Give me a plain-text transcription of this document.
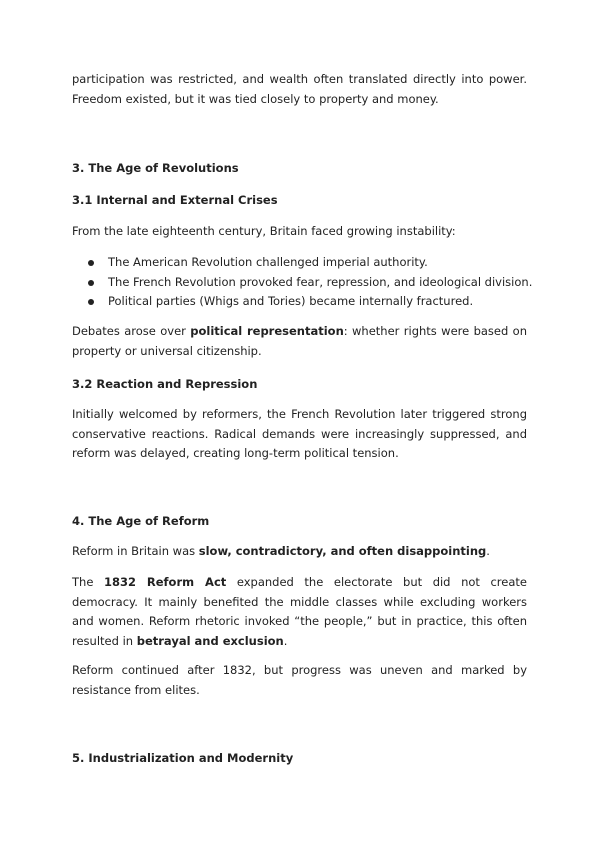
participation was restricted, and wealth often translated directly into power. Freedom existed, but it was tied closely to property and money.

3. The Age of Revolutions
3.1 Internal and External Crises

From the late eighteenth century, Britain faced growing instability:

The American Revolution challenged imperial authority.

The French Revolution provoked fear, repression, and ideological division.

Political parties (Whigs and Tories) became internally fractured.

Debates arose over political representation: whether rights were based on property or universal citizenship.

3.2 Reaction and Repression

Initially welcomed by reformers, the French Revolution later triggered strong conservative reactions. Radical demands were increasingly suppressed, and reform was delayed, creating long-term political tension.

4. The Age of Reform

Reform in Britain was slow, contradictory, and often disappointing.

The 1832 Reform Act expanded the electorate but did not create democracy. It mainly benefited the middle classes while excluding workers and women. Reform rhetoric invoked “the people,” but in practice, this often resulted in betrayal and exclusion.

Reform continued after 1832, but progress was uneven and marked by resistance from elites.

5. Industrialization and Modernity
